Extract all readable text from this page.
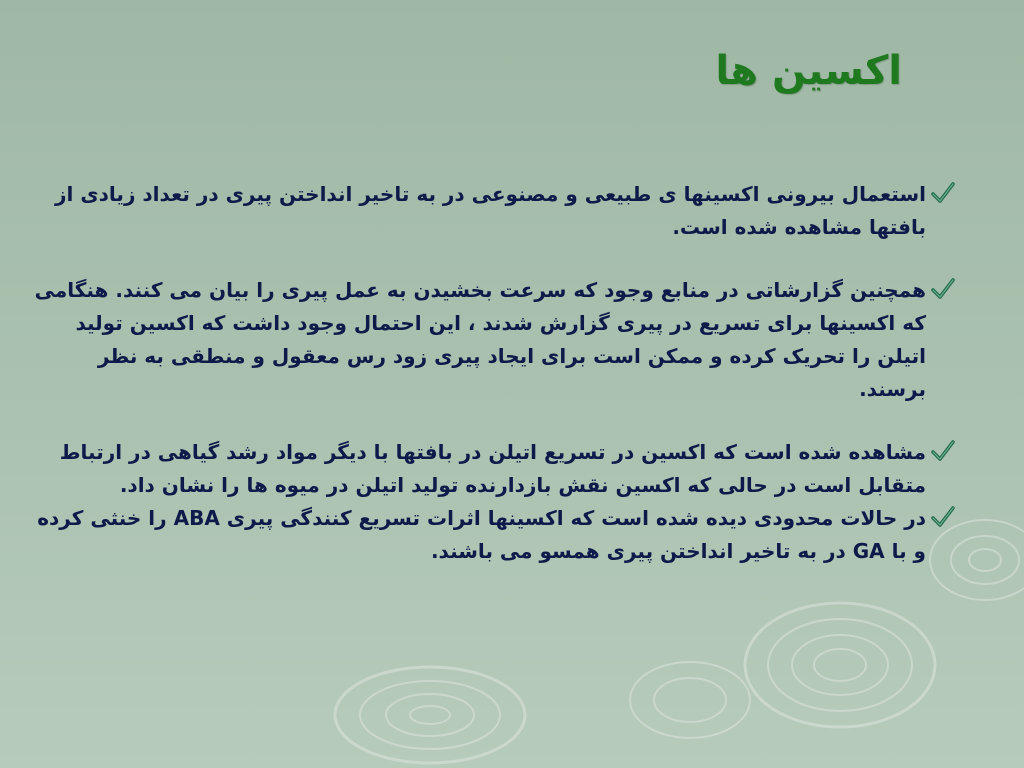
اکسین ها
استعمال بیرونی اکسینها ی طبیعی و مصنوعی در به تاخیر انداختن پیری در تعداد زیادی از بافتها مشاهده شده است.
همچنین گزارشاتی در منابع وجود که سرعت بخشیدن به عمل پیری را بیان می کنند. هنگامی که اکسینها برای تسریع در پیری گزارش شدند ، این احتمال وجود داشت که اکسین تولید اتیلن را تحریک کرده و ممکن است برای ایجاد پیری زود رس معقول و منطقی به نظر برسند.
مشاهده شده است که اکسین در تسریع اتیلن در بافتها با دیگر مواد رشد گیاهی در ارتباط متقابل است در حالی که اکسین نقش بازدارنده تولید اتیلن در میوه ها را نشان داد.
در حالات محدودی دیده شده است که اکسینها اثرات تسریع کنندگی پیری ABA را خنثی کرده و با GA در به تاخیر انداختن پیری همسو می باشند.
